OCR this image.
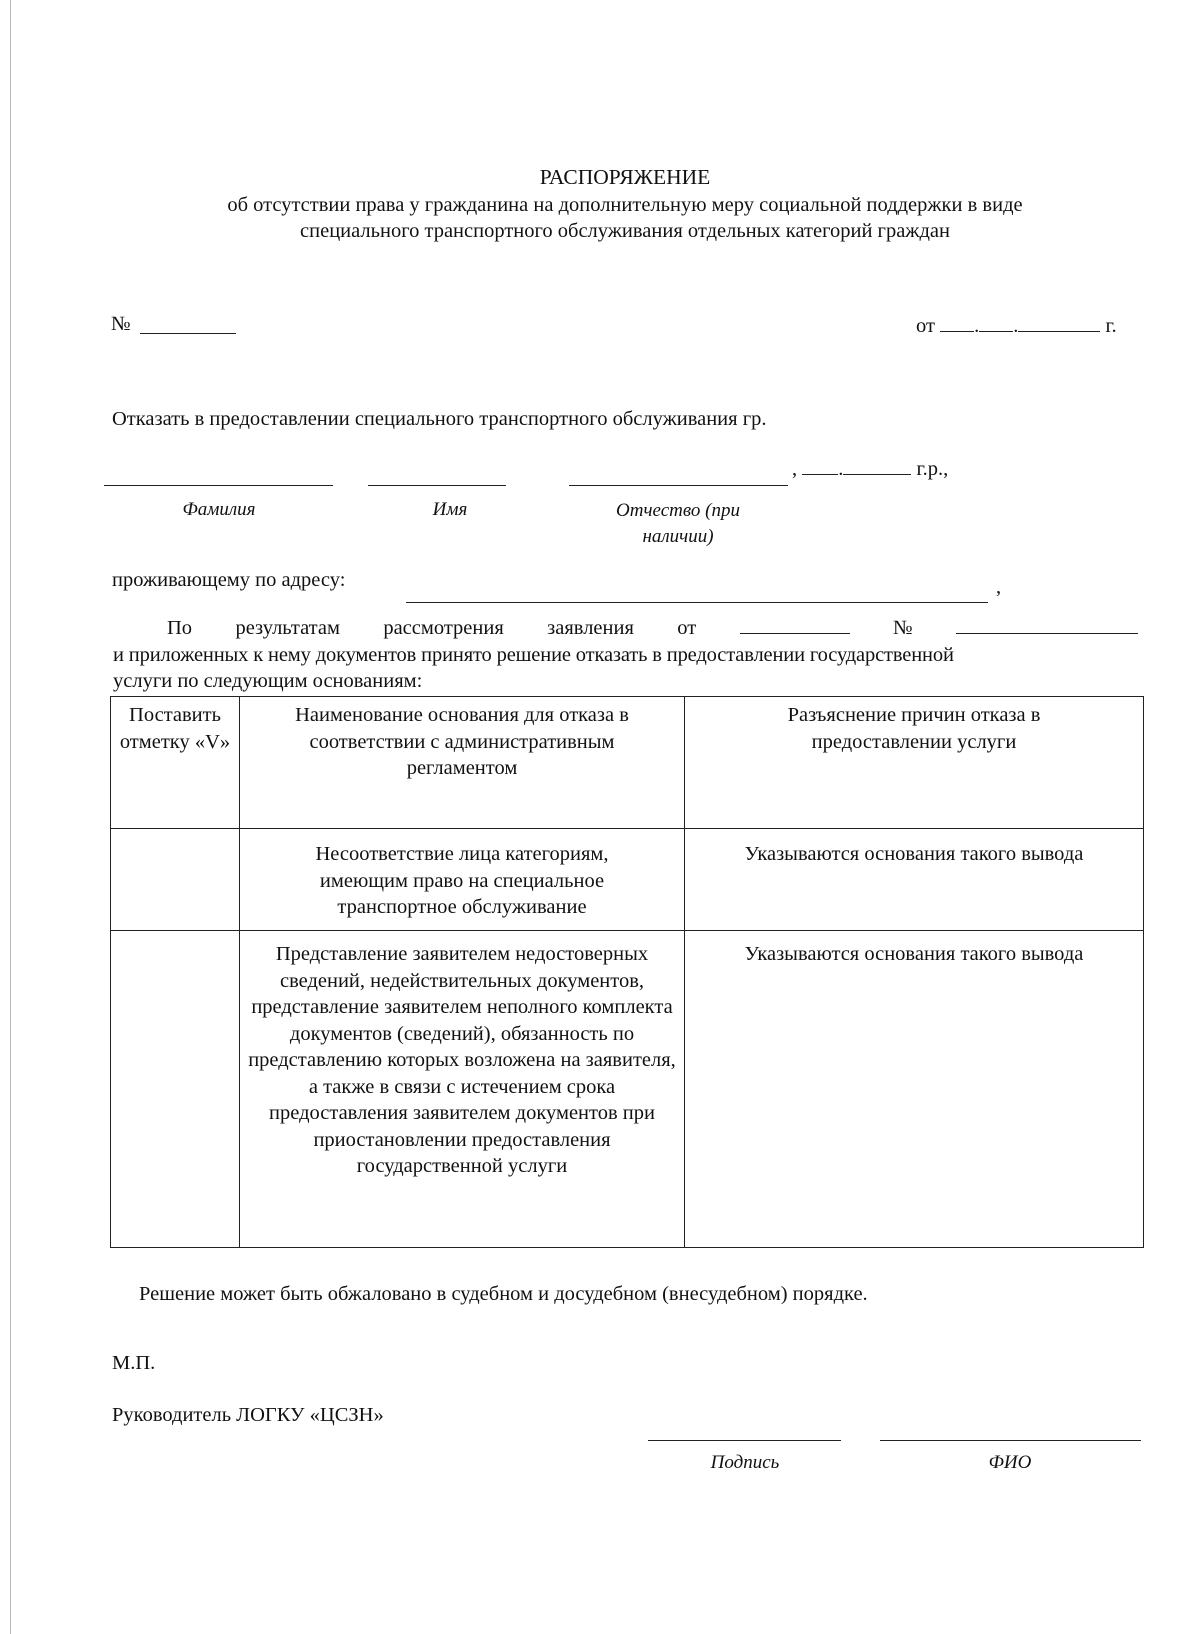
РАСПОРЯЖЕНИЕ
об отсутствии права у гражданина на дополнительную меру социальной поддержки в виде
специального транспортного обслуживания отдельных категорий граждан
№	от . .	г.
Отказать в предоставлении специального транспортного обслуживания гр.
, .	г.р.,
Фамилия	Имя	Отчество (при
наличии)
проживающему по адресу:	,
По результатам рассмотрения заявления от	№
и приложенных к нему документов принято решение отказать в предоставлении государственной
услуги по следующим основаниям:
Поставить отметку «V»	Наименование основания для отказа в соответствии с административным регламентом	Разъяснение причин отказа в предоставлении услуги
	Несоответствие лица категориям, имеющим право на специальное транспортное обслуживание	Указываются основания такого вывода
	Представление заявителем недостоверных сведений, недействительных документов, представление заявителем неполного комплекта документов (сведений), обязанность по представлению которых возложена на заявителя, а также в связи с истечением срока предоставления заявителем документов при приостановлении предоставления государственной услуги	Указываются основания такого вывода
Решение может быть обжаловано в судебном и досудебном (внесудебном) порядке.
М.П.
Руководитель ЛОГКУ «ЦСЗН»
Подпись	ФИО
